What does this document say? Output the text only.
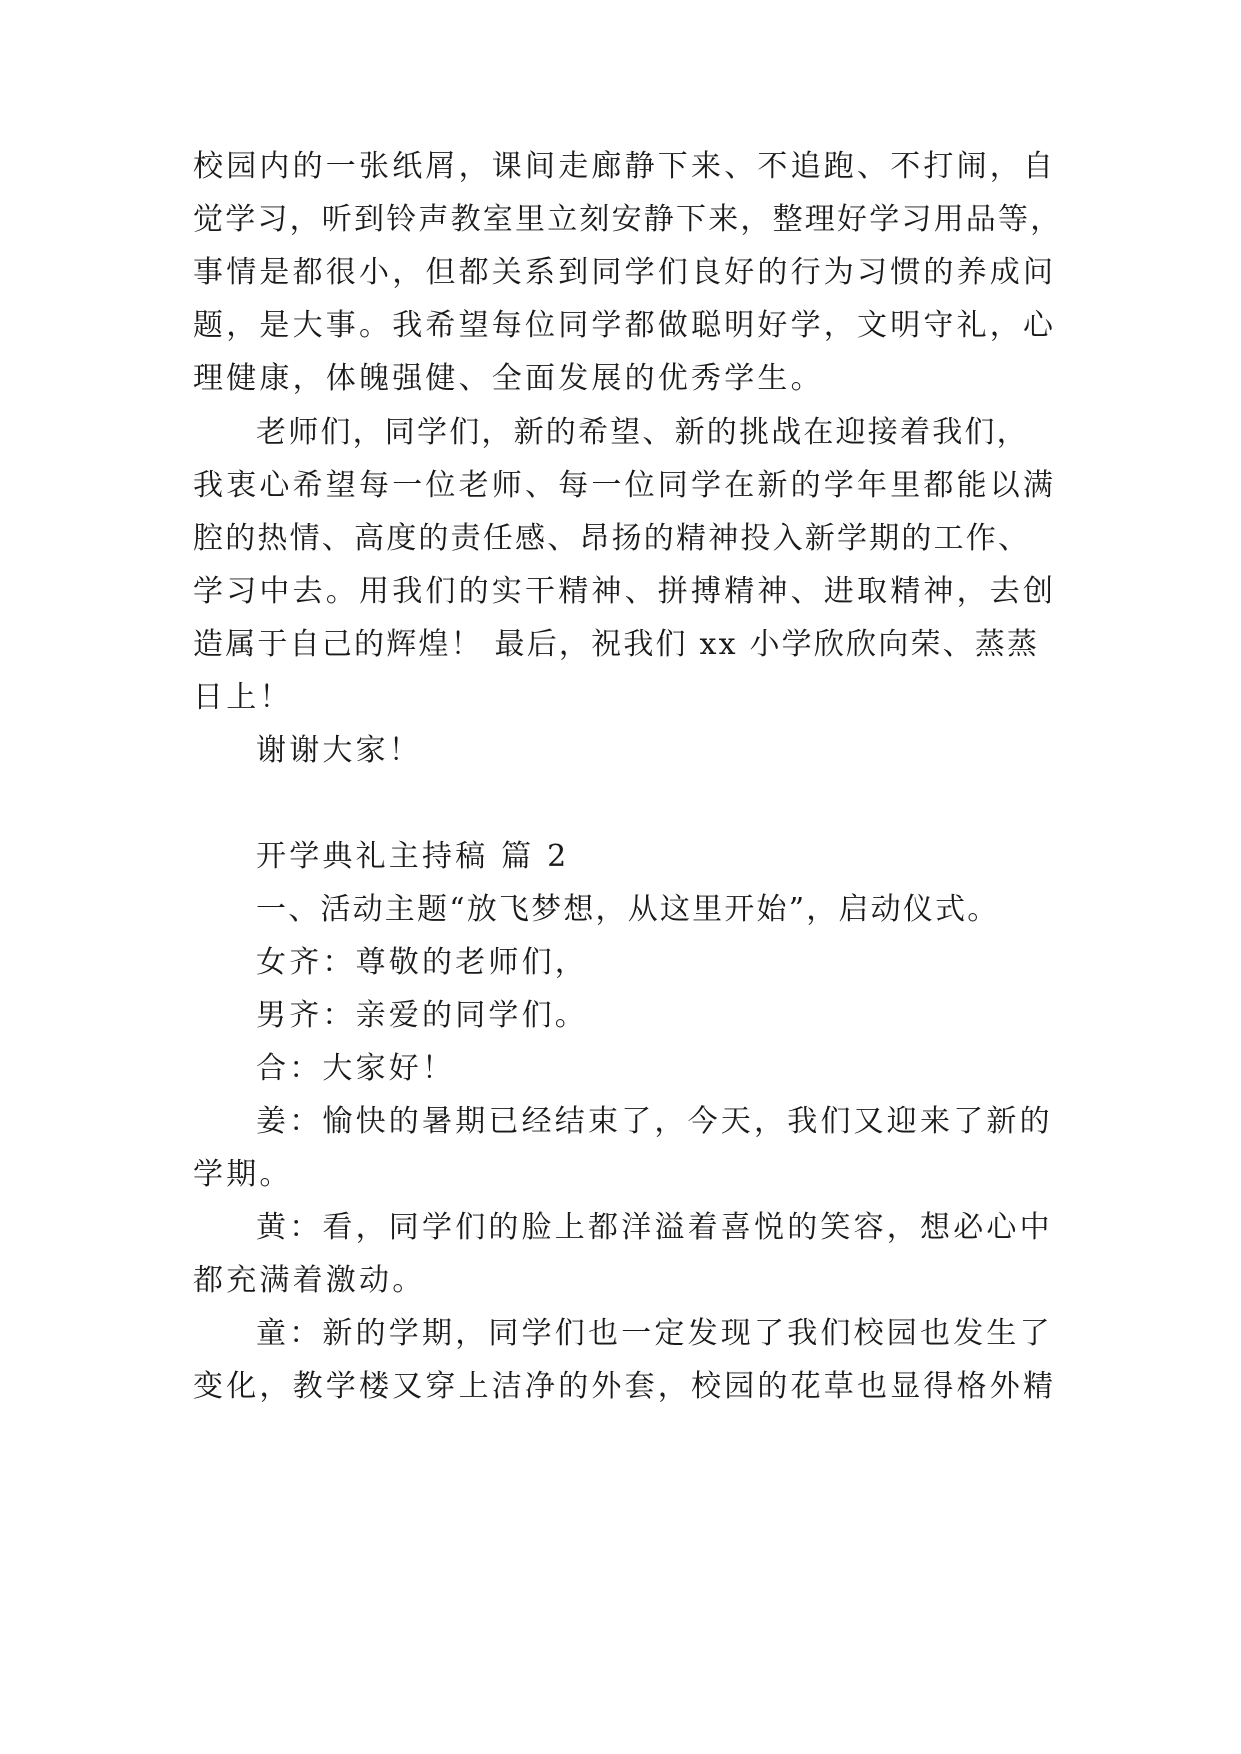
校园内的一张纸屑，课间走廊静下来、不追跑、不打闹，自
觉学习，听到铃声教室里立刻安静下来，整理好学习用品等，
事情是都很小，但都关系到同学们良好的行为习惯的养成问
题，是大事。我希望每位同学都做聪明好学，文明守礼，心
理健康，体魄强健、全面发展的优秀学生。
老师们，同学们，新的希望、新的挑战在迎接着我们，
我衷心希望每一位老师、每一位同学在新的学年里都能以满
腔的热情、高度的责任感、昂扬的精神投入新学期的工作、
学习中去。用我们的实干精神、拼搏精神、进取精神，去创
造属于自己的辉煌！ 最后，祝我们 xx 小学欣欣向荣、蒸蒸
日上！
谢谢大家！
开学典礼主持稿 篇 2
一、活动主题“放飞梦想，从这里开始”，启动仪式。
女齐：尊敬的老师们，
男齐：亲爱的同学们。
合：大家好！
姜：愉快的暑期已经结束了，今天，我们又迎来了新的
学期。
黄：看，同学们的脸上都洋溢着喜悦的笑容，想必心中
都充满着激动。
童：新的学期，同学们也一定发现了我们校园也发生了
变化，教学楼又穿上洁净的外套，校园的花草也显得格外精
